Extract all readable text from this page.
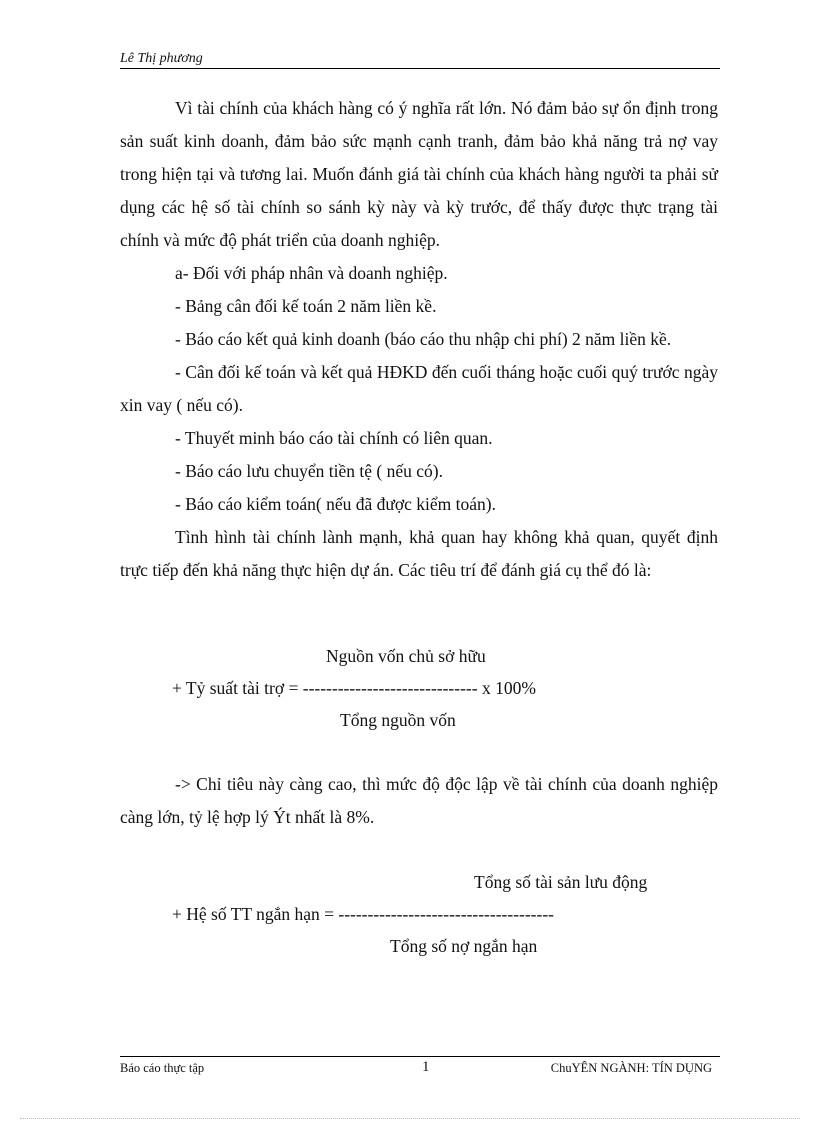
Lê Thị phương

Vì tài chính của khách hàng có ý nghĩa rất lớn. Nó đảm bảo sự ổn định trong sản suất kinh doanh, đảm bảo sức mạnh cạnh tranh, đảm bảo khả năng trả nợ vay trong hiện tại và tương lai. Muốn đánh giá tài chính của khách hàng người ta phải sử dụng các hệ số tài chính so sánh kỳ này và kỳ trước, để thấy được thực trạng tài chính và mức độ phát triển của doanh nghiệp.

a- Đối với pháp nhân và doanh nghiệp.

- Bảng cân đối kế toán 2 năm liền kề.

- Báo cáo kết quả kinh doanh (báo cáo thu nhập chi phí) 2 năm liền kề.

- Cân đối kế toán và kết quả HĐKD đến cuối tháng hoặc cuối quý trước ngày xin vay ( nếu có).

- Thuyết minh báo cáo tài chính có liên quan.

- Báo cáo lưu chuyển tiền tệ ( nếu có).

- Báo cáo kiểm toán( nếu đã được kiểm toán).

Tình hình tài chính lành mạnh, khả quan hay không khả quan, quyết định trực tiếp đến khả năng thực hiện dự án. Các tiêu trí để đánh giá cụ thể đó là:

Nguồn vốn chủ sở hữu
+ Tỷ suất tài trợ = ------------------------------ x 100%
Tổng nguồn vốn

-> Chỉ tiêu này càng cao, thì mức độ độc lập về tài chính của doanh nghiệp càng lớn, tỷ lệ hợp lý Ýt nhất là 8%.

Tổng số tài sản lưu động
+ Hệ số TT ngắn hạn = -------------------------------------
Tổng số nợ ngắn hạn
Báo cáo thực tập	1	ChuYÊN NGÀNH: TÍN DỤNG
